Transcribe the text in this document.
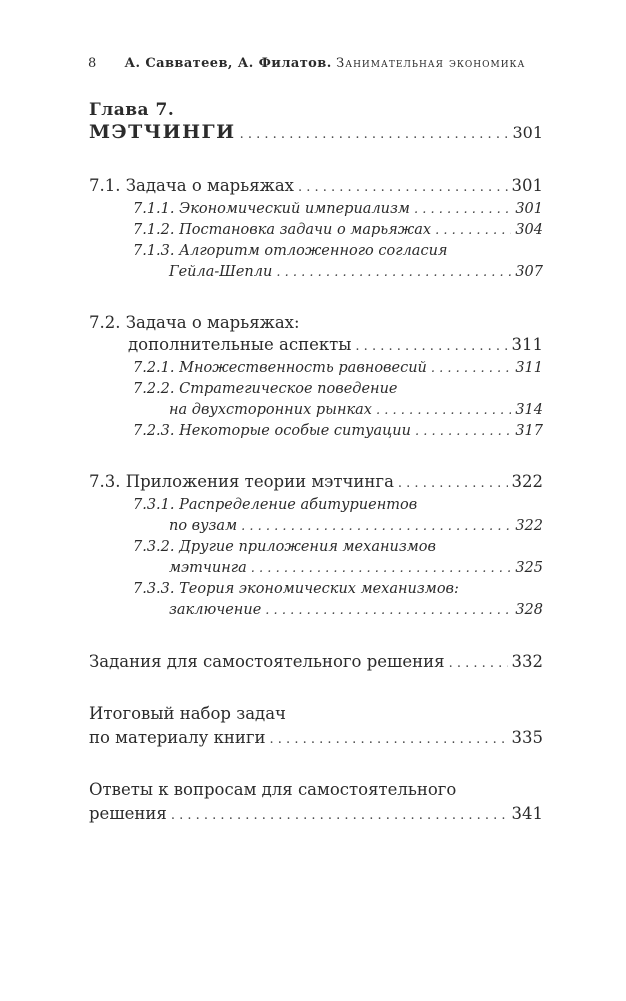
8 А. Савватеев, А. Филатов. Занимательная экономика
Глава 7.
МЭТЧИНГИ . . .	301
7.1. Задача о марьяжах . . .	301
7.1.1. Экономический империализм . . .	301
7.1.2. Постановка задачи о марьяжах . . .	304
7.1.3. Алгоритм отложенного согласия
Гейла-Шепли . . .	307
7.2. Задача о марьяжах:
дополнительные аспекты . . .	311
7.2.1. Множественность равновесий . . .	311
7.2.2. Стратегическое поведение
на двухсторонних рынках . . .	314
7.2.3. Некоторые особые ситуации . . .	317
7.3. Приложения теории мэтчинга . . .	322
7.3.1. Распределение абитуриентов
по вузам . . .	322
7.3.2. Другие приложения механизмов
мэтчинга . . .	325
7.3.3. Теория экономических механизмов:
заключение . . .	328
Задания для самостоятельного решения . . .	332
Итоговый набор задач
по материалу книги . . .	335
Ответы к вопросам для самостоятельного
решения . . .	341
